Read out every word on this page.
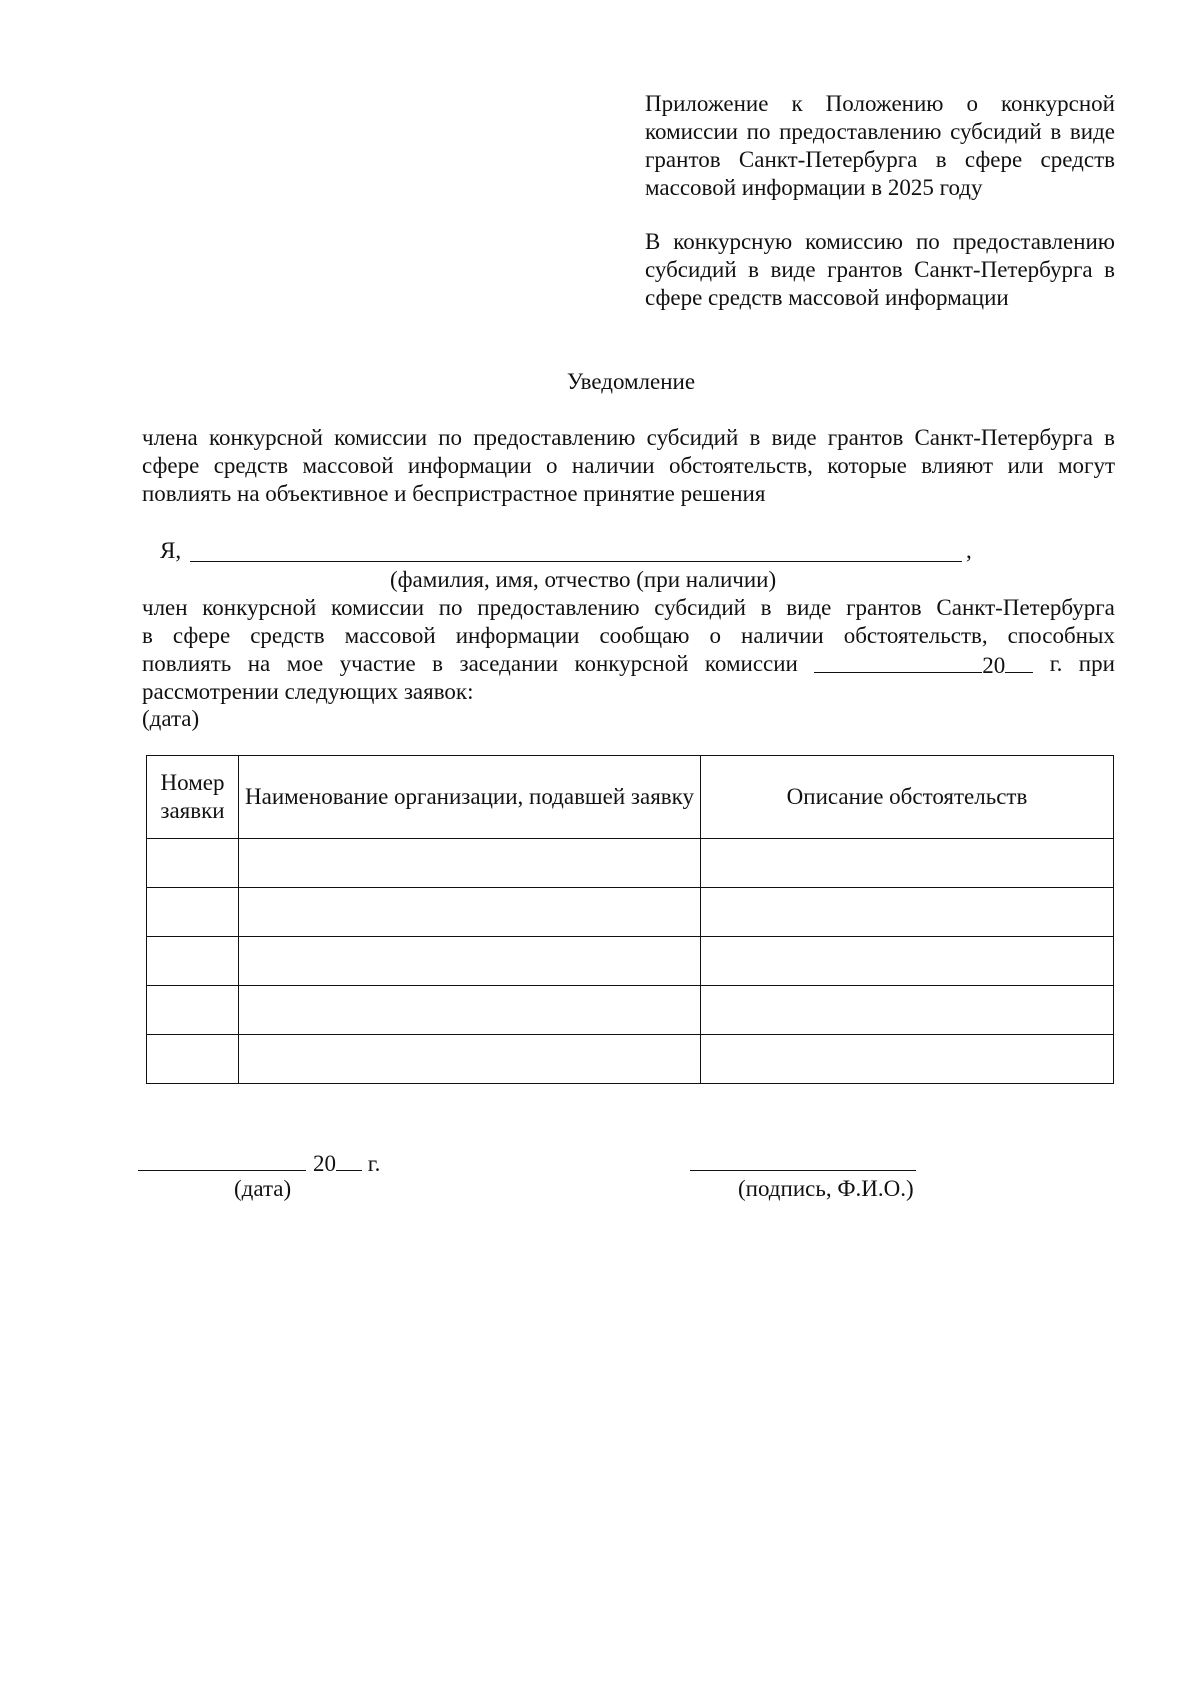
Приложение к Положению о конкурсной комиссии по предоставлению субсидий в виде грантов Санкт-Петербурга в сфере средств массовой информации в 2025 году
В конкурсную комиссию по предоставлению субсидий в виде грантов Санкт-Петербурга в сфере средств массовой информации
Уведомление
члена конкурсной комиссии по предоставлению субсидий в виде грантов Санкт-Петербурга в сфере средств массовой информации о наличии обстоятельств, которые влияют или могут повлиять на объективное и беспристрастное принятие решения
Я,	,
(фамилия, имя, отчество (при наличии)
член конкурсной комиссии по предоставлению субсидий в виде грантов Санкт-Петербурга
в сфере средств массовой информации сообщаю о наличии обстоятельств, способных
повлиять на мое участие в заседании конкурсной комиссии	20	г. при
рассмотрении следующих заявок:
(дата)
Номер заявки	Наименование организации, подавшей заявку	Описание обстоятельств

20 г.
(дата)	(подпись, Ф.И.О.)
